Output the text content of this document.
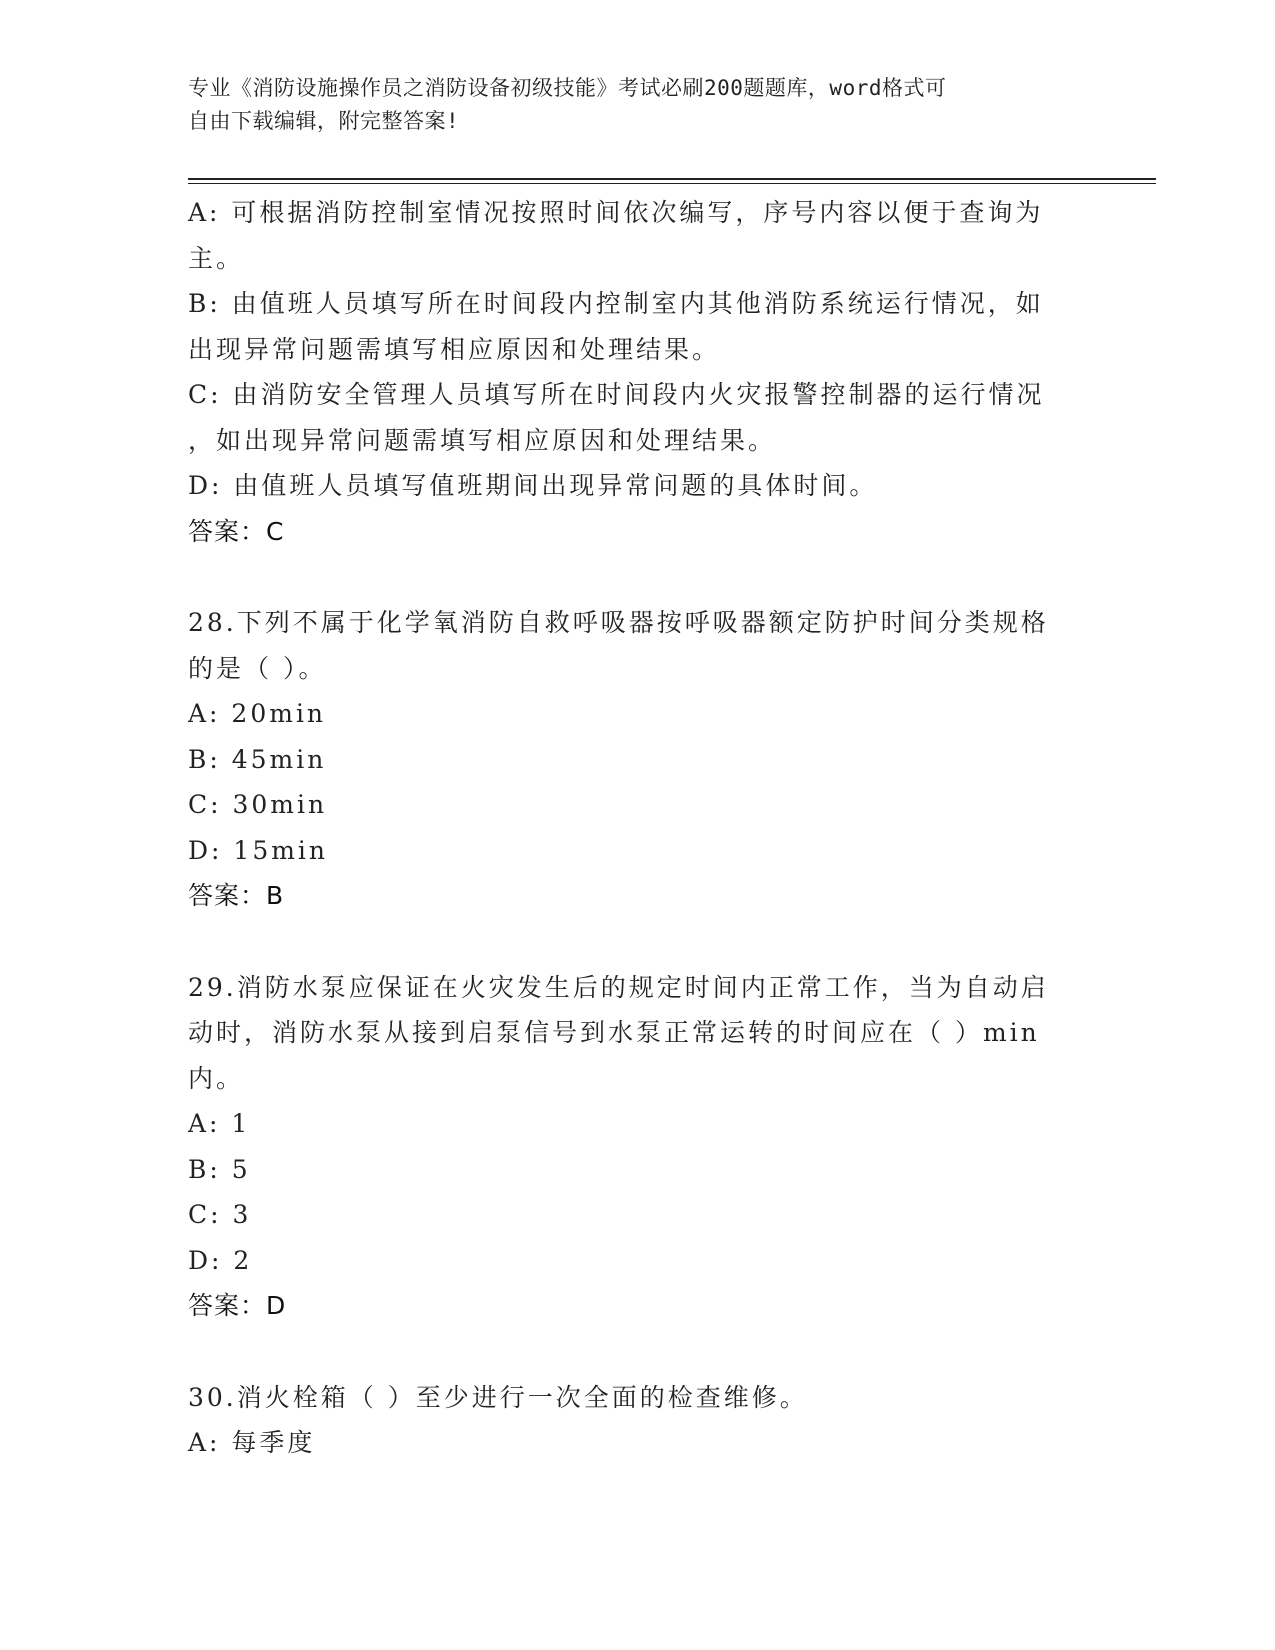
专业《消防设施操作员之消防设备初级技能》考试必刷200题题库，word格式可
自由下载编辑，附完整答案!
A: 可根据消防控制室情况按照时间依次编写，序号内容以便于查询为
主。
B: 由值班人员填写所在时间段内控制室内其他消防系统运行情况，如
出现异常问题需填写相应原因和处理结果。
C: 由消防安全管理人员填写所在时间段内火灾报警控制器的运行情况
，如出现异常问题需填写相应原因和处理结果。
D: 由值班人员填写值班期间出现异常问题的具体时间。
答案：C
28.下列不属于化学氧消防自救呼吸器按呼吸器额定防护时间分类规格
的是（ ）。
A: 20min
B: 45min
C: 30min
D: 15min
答案：B
29.消防水泵应保证在火灾发生后的规定时间内正常工作，当为自动启
动时，消防水泵从接到启泵信号到水泵正常运转的时间应在（ ）min
内。
A: 1
B: 5
C: 3
D: 2
答案：D
30.消火栓箱（ ）至少进行一次全面的检查维修。
A: 每季度
